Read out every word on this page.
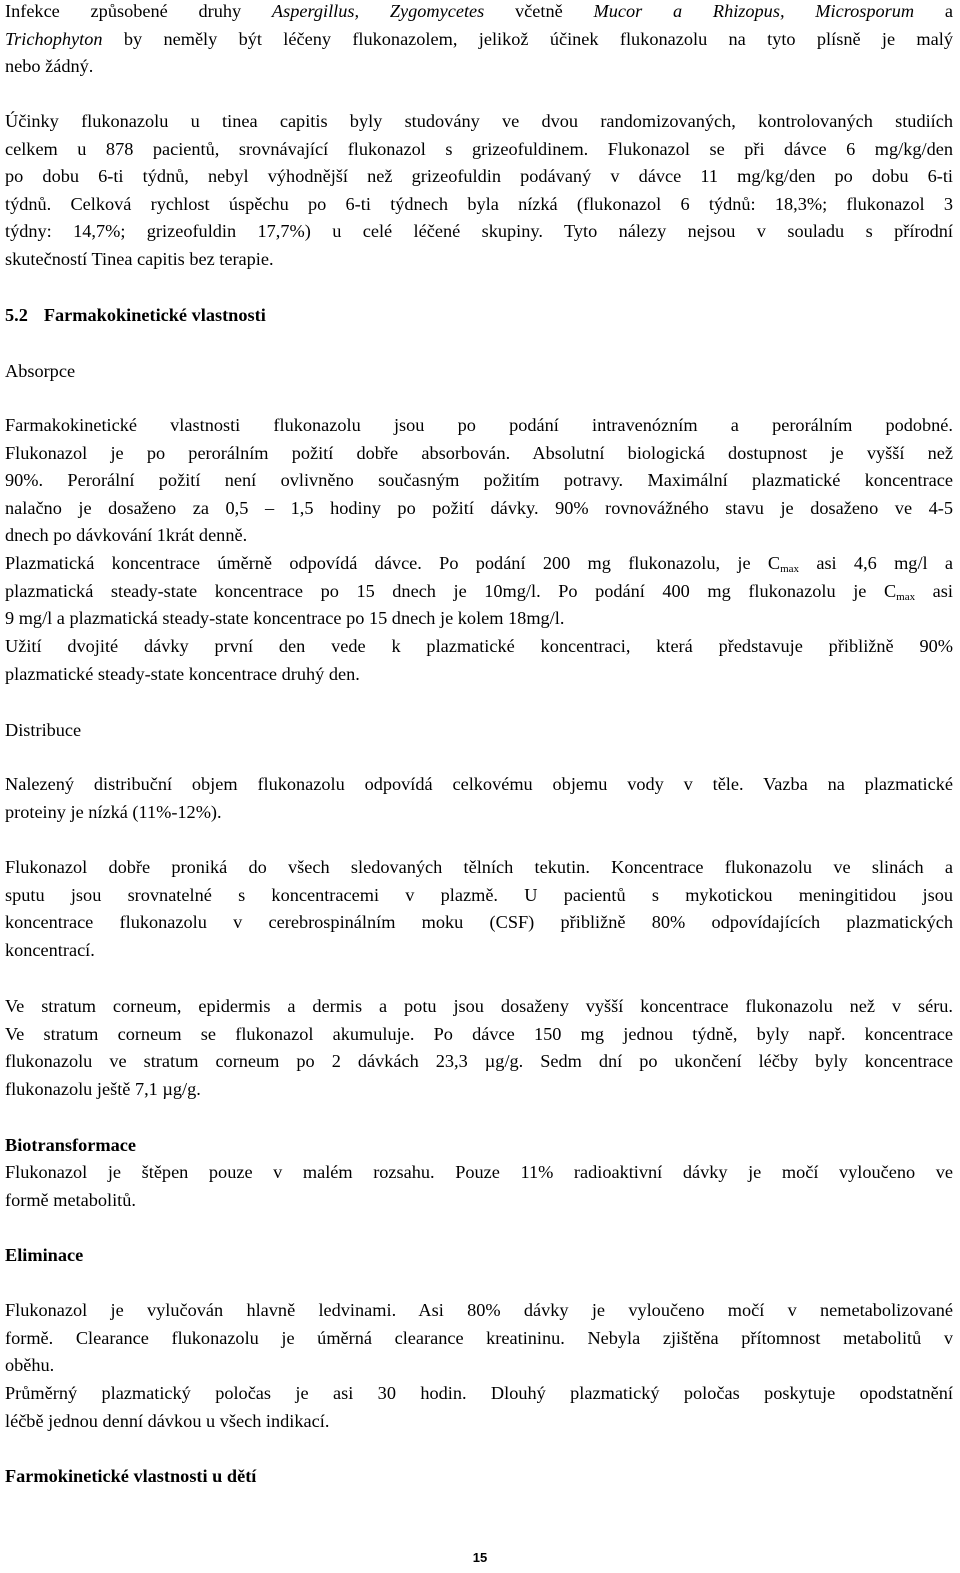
Infekce způsobené druhy Aspergillus, Zygomycetes včetně Mucor a Rhizopus, Microsporum a
Trichophyton by neměly být léčeny flukonazolem, jelikož účinek flukonazolu na tyto plísně je malý
nebo žádný.

Účinky flukonazolu u tinea capitis byly studovány ve dvou randomizovaných, kontrolovaných studiích
celkem u 878 pacientů, srovnávající flukonazol s grizeofuldinem. Flukonazol se při dávce 6 mg/kg/den
po dobu 6-ti týdnů, nebyl výhodnější než grizeofuldin podávaný v dávce 11 mg/kg/den po dobu 6-ti
týdnů. Celková rychlost úspěchu po 6-ti týdnech byla nízká (flukonazol 6 týdnů: 18,3%; flukonazol 3
týdny: 14,7%; grizeofuldin 17,7%) u celé léčené skupiny. Tyto nálezy nejsou v souladu s přírodní
skutečností Tinea capitis bez terapie.

5.2 Farmakokinetické vlastnosti
Absorpce

Farmakokinetické vlastnosti flukonazolu jsou po podání intravenózním a perorálním podobné.
Flukonazol je po perorálním požití dobře absorbován. Absolutní biologická dostupnost je vyšší než
90%. Perorální požití není ovlivněno současným požitím potravy. Maximální plazmatické koncentrace
nalačno je dosaženo za 0,5 – 1,5 hodiny po požití dávky. 90% rovnovážného stavu je dosaženo ve 4-5
dnech po dávkování 1krát denně.

Plazmatická koncentrace úměrně odpovídá dávce. Po podání 200 mg flukonazolu, je $C_{max}$ asi 4,6 mg/l a
plazmatická steady-state koncentrace po 15 dnech je 10mg/l. Po podání 400 mg flukonazolu je $C_{max}$ asi
9 mg/l a plazmatická steady-state koncentrace po 15 dnech je kolem 18mg/l.

Užití dvojité dávky první den vede k plazmatické koncentraci, která představuje přibližně 90%
plazmatické steady-state koncentrace druhý den.

Distribuce

Nalezený distribuční objem flukonazolu odpovídá celkovému objemu vody v těle. Vazba na plazmatické
proteiny je nízká (11%-12%).

Flukonazol dobře proniká do všech sledovaných tělních tekutin. Koncentrace flukonazolu ve slinách a
sputu jsou srovnatelné s koncentracemi v plazmě. U pacientů s mykotickou meningitidou jsou
koncentrace flukonazolu v cerebrospinálním moku (CSF) přibližně 80% odpovídajících plazmatických
koncentrací.

Ve stratum corneum, epidermis a dermis a potu jsou dosaženy vyšší koncentrace flukonazolu než v séru.
Ve stratum corneum se flukonazol akumuluje. Po dávce 150 mg jednou týdně, byly např. koncentrace
flukonazolu ve stratum corneum po 2 dávkách 23,3 µg/g. Sedm dní po ukončení léčby byly koncentrace
flukonazolu ještě 7,1 µg/g.

Biotransformace

Flukonazol je štěpen pouze v malém rozsahu. Pouze 11% radioaktivní dávky je močí vyloučeno ve
formě metabolitů.

Eliminace

Flukonazol je vylučován hlavně ledvinami. Asi 80% dávky je vyloučeno močí v nemetabolizované
formě. Clearance flukonazolu je úměrná clearance kreatininu. Nebyla zjištěna přítomnost metabolitů v
oběhu.

Průměrný plazmatický poločas je asi 30 hodin. Dlouhý plazmatický poločas poskytuje opodstatnění
léčbě jednou denní dávkou u všech indikací.

Farmokinetické vlastnosti u dětí
15
